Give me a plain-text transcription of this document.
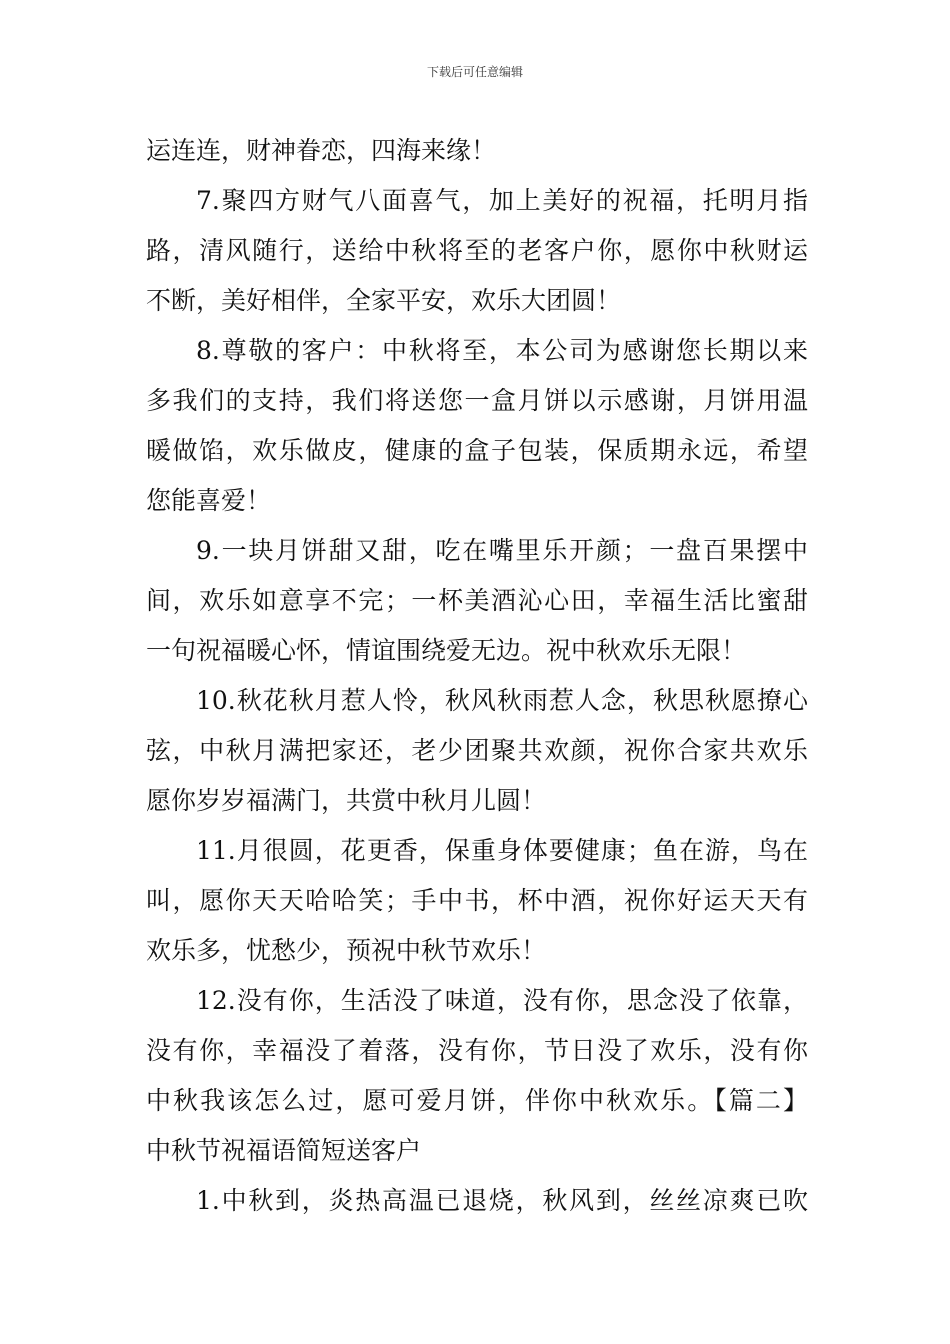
下载后可任意编辑
运连连，财神眷恋，四海来缘！
7.聚四方财气八面喜气，加上美好的祝福，托明月指
路，清风随行，送给中秋将至的老客户你，愿你中秋财运
不断，美好相伴，全家平安，欢乐大团圆！
8.尊敬的客户：中秋将至，本公司为感谢您长期以来
多我们的支持，我们将送您一盒月饼以示感谢，月饼用温
暖做馅，欢乐做皮，健康的盒子包装，保质期永远，希望
您能喜爱！
9.一块月饼甜又甜，吃在嘴里乐开颜；一盘百果摆中
间，欢乐如意享不完；一杯美酒沁心田，幸福生活比蜜甜
一句祝福暖心怀，情谊围绕爱无边。祝中秋欢乐无限！
10.秋花秋月惹人怜，秋风秋雨惹人念，秋思秋愿撩心
弦，中秋月满把家还，老少团聚共欢颜，祝你合家共欢乐
愿你岁岁福满门，共赏中秋月儿圆！
11.月很圆，花更香，保重身体要健康；鱼在游，鸟在
叫，愿你天天哈哈笑；手中书，杯中酒，祝你好运天天有
欢乐多，忧愁少，预祝中秋节欢乐！
12.没有你，生活没了味道，没有你，思念没了依靠，
没有你，幸福没了着落，没有你，节日没了欢乐，没有你
中秋我该怎么过，愿可爱月饼，伴你中秋欢乐。【篇二】
中秋节祝福语简短送客户
1.中秋到，炎热高温已退烧，秋风到，丝丝凉爽已吹
